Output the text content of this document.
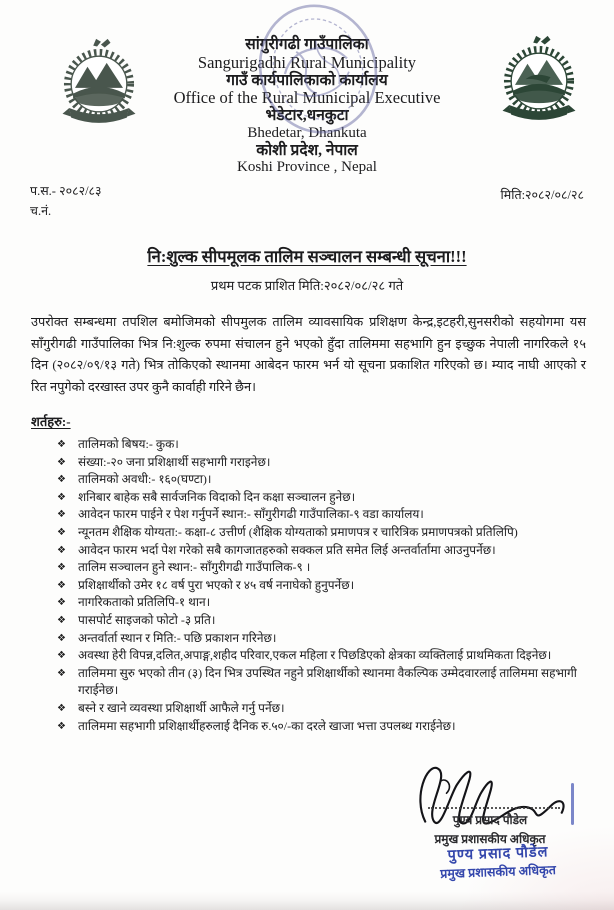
सांगुरीगढी गाउँपालिका
Sangurigadhi Rural Municipality
गाउँ कार्यपालिकाको कार्यालय
Office of the Rural Municipal Executive
भेडेटार,धनकुटा
Bhedetar, Dhankuta
कोशी प्रदेश, नेपाल
Koshi Province , Nepal
प.स.- २०८२/८३
च.नं.
मिति:२०८२/०८/२८
नि:शुल्क सीपमूलक तालिम सञ्चालन सम्बन्धी सूचना!!!
प्रथम पटक प्राशित मिति:२०८२/०८/२८ गते

उपरोक्त सम्बन्धमा तपशिल बमोजिमको सीपमुलक तालिम व्यावसायिक प्रशिक्षण केन्द्र,इटहरी,सुनसरीको सहयोगमा यस साँगुरीगढी गाउँपालिका भित्र नि:शुल्क रुपमा संचालन हुने भएको हुँदा तालिममा सहभागि हुन इच्छुक नेपाली नागरिकले १५ दिन (२०८२/०९/१३ गते) भित्र तोकिएको स्थानमा आबेदन फारम भर्न यो सूचना प्रकाशित गरिएको छ। म्याद नाघी आएको र रित नपुगेको दरखास्त उपर कुनै कार्वाही गरिने छैन।

शर्तहरु:-
❖ तालिमको बिषय:- कुक।
❖ संख्या:-२० जना प्रशिक्षार्थी सहभागी गराइनेछ।
❖ तालिमको अवधी:- १६०(घण्टा)।
❖ शनिबार बाहेक सबै सार्वजनिक विदाको दिन कक्षा सञ्चालन हुनेछ।
❖ आवेदन फारम पाईने र पेश गर्नुपर्ने स्थान:- साँगुरीगढी गाउँपालिका-९ वडा कार्यालय।
❖ न्यूनतम शैक्षिक योग्यता:- कक्षा-८ उत्तीर्ण (शैक्षिक योग्यताको प्रमाणपत्र र चारित्रिक प्रमाणपत्रको प्रतिलिपि)
❖ आवेदन फारम भर्दा पेश गरेको सबै कागजातहरुको सक्कल प्रति समेत लिई अन्तर्वार्तामा आउनुपर्नेछ।
❖ तालिम सञ्चालन हुने स्थान:- साँगुरीगढी गाउँपालिक-९ ।
❖ प्रशिक्षार्थीको उमेर १८ वर्ष पुरा भएको र ४५ वर्ष ननाघेको हुनुपर्नेछ।
❖ नागरिकताको प्रतिलिपि-१ थान।
❖ पासपोर्ट साइजको फोटो -३ प्रति।
❖ अन्तर्वार्ता स्थान र मिति:- पछि प्रकाशन गरिनेछ।
❖ अवस्था हेरी विपन्न,दलित,अपाङ्ग,शहीद परिवार,एकल महिला र पिछडिएको क्षेत्रका व्यक्तिलाई प्राथमिकता दिइनेछ।
❖ तालिममा सुरु भएको तीन (३) दिन भित्र उपस्थित नहुने प्रशिक्षार्थीको स्थानमा वैकल्पिक उम्मेदवारलाई तालिममा सहभागी गराईनेछ।
❖ बस्ने र खाने व्यवस्था प्रशिक्षार्थी आफैले गर्नु पर्नेछ।
❖ तालिममा सहभागी प्रशिक्षार्थीहरुलाई दैनिक रु.५०/-का दरले खाजा भत्ता उपलब्ध गराईनेछ।
पुण्य प्रसाद पौडेल
प्रमुख प्रशासकीय अधिकृत
पुण्य प्रसाद पौडेल
प्रमुख प्रशासकीय अधिकृत
